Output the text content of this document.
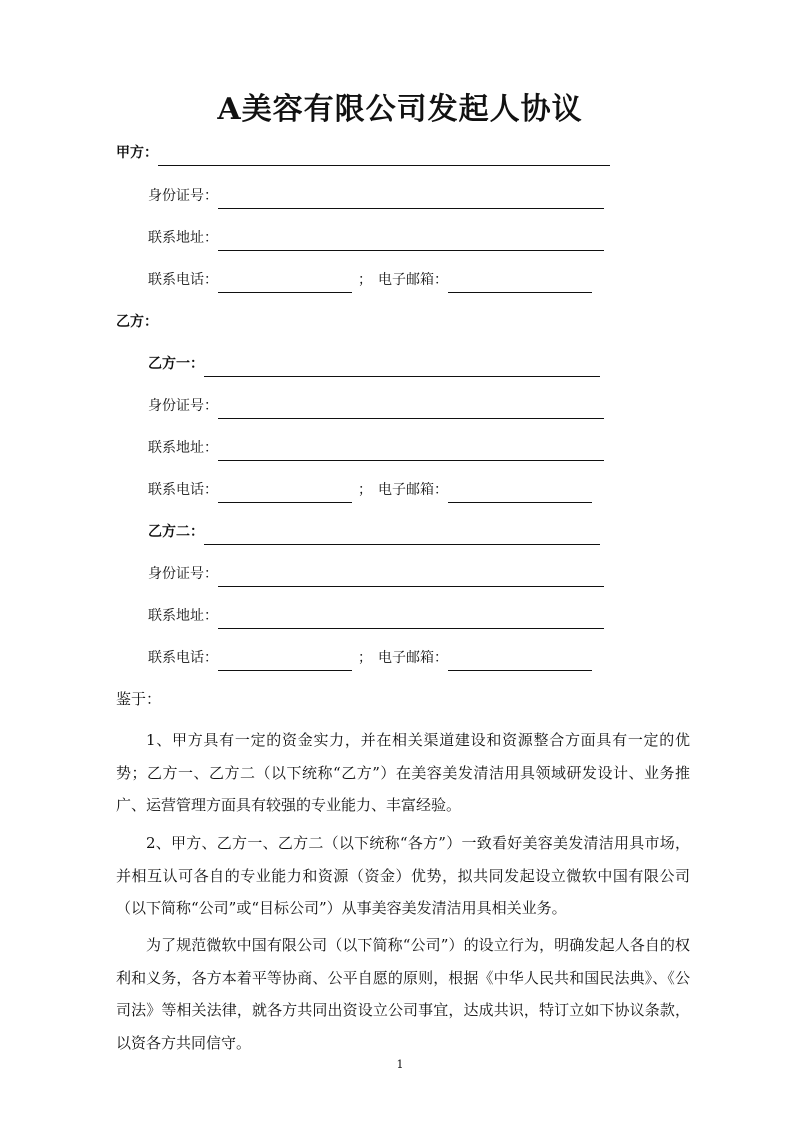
A美容有限公司发起人协议
甲方：
身份证号：
联系地址：
联系电话：	； 电子邮箱：
乙方：
乙方一：
身份证号：
联系地址：
联系电话：	； 电子邮箱：
乙方二：
身份证号：
联系地址：
联系电话：	； 电子邮箱：
鉴于：
1、甲方具有一定的资金实力，并在相关渠道建设和资源整合方面具有一定的优势；乙方一、乙方二（以下统称“乙方”）在美容美发清洁用具领域研发设计、业务推广、运营管理方面具有较强的专业能力、丰富经验。
2、甲方、乙方一、乙方二（以下统称“各方”）一致看好美容美发清洁用具市场，并相互认可各自的专业能力和资源（资金）优势，拟共同发起设立微软中国有限公司（以下简称“公司”或“目标公司”）从事美容美发清洁用具相关业务。
为了规范微软中国有限公司（以下简称“公司”）的设立行为，明确发起人各自的权利和义务，各方本着平等协商、公平自愿的原则，根据《中华人民共和国民法典》、《公司法》等相关法律，就各方共同出资设立公司事宜，达成共识，特订立如下协议条款，以资各方共同信守。
1
